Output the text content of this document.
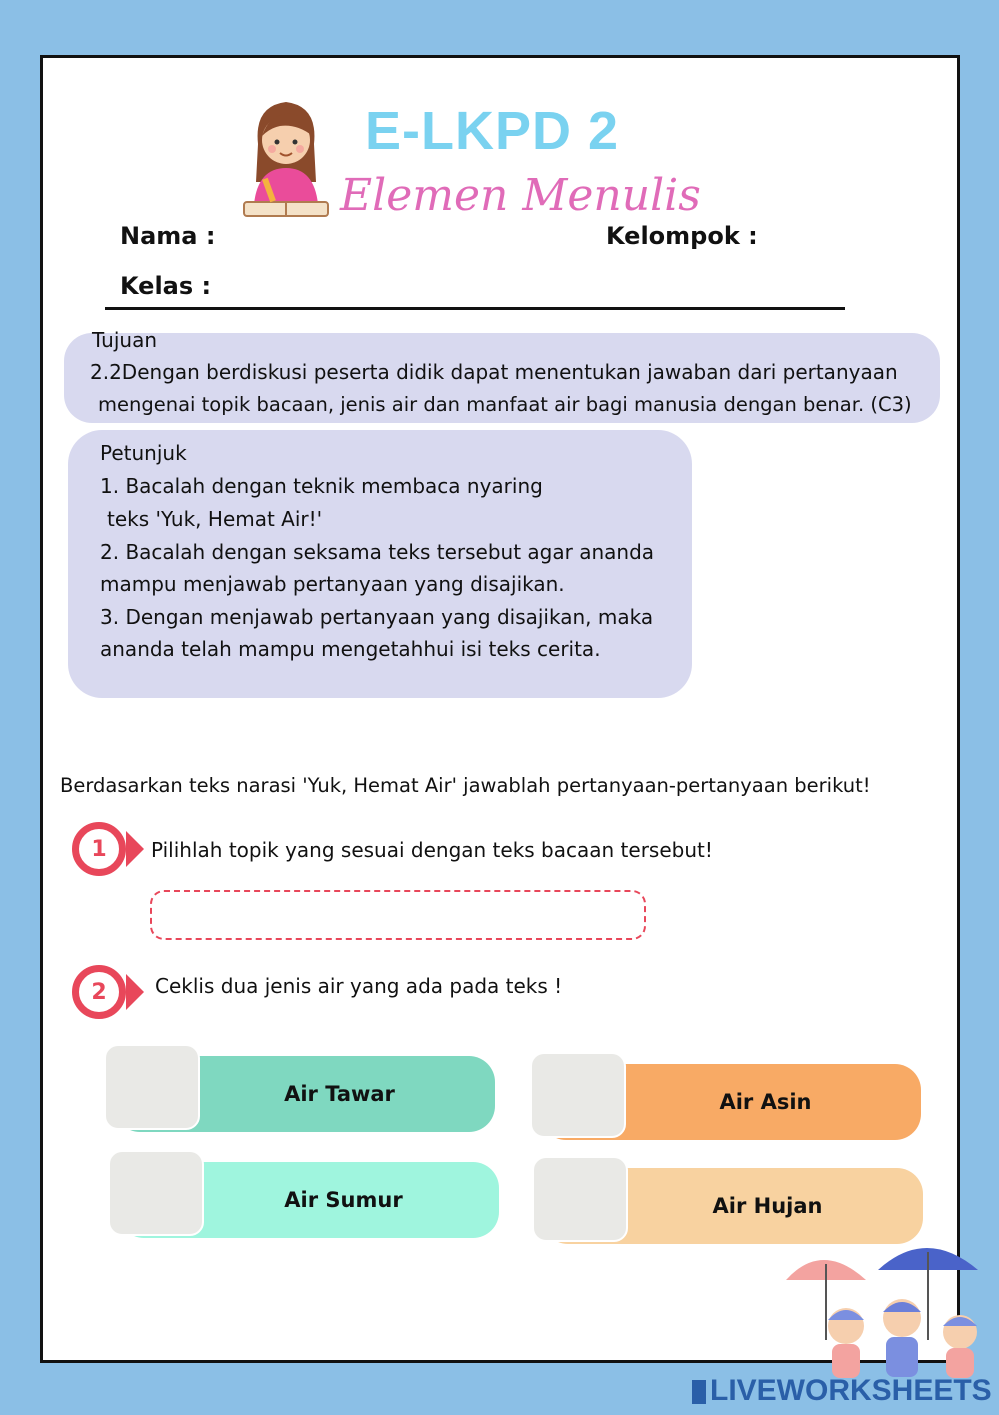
E-LKPD 2
Elemen Menulis
Nama :	Kelompok :
Kelas :
Tujuan
2.2Dengan berdiskusi peserta didik dapat menentukan jawaban dari pertanyaan
mengenai topik bacaan, jenis air dan manfaat air bagi manusia dengan benar. (C3)
Petunjuk
1. Bacalah dengan teknik membaca nyaring
teks 'Yuk, Hemat Air!'
2. Bacalah dengan seksama teks tersebut agar ananda
mampu menjawab pertanyaan yang disajikan.
3. Dengan menjawab pertanyaan yang disajikan, maka
ananda telah mampu mengetahhui isi teks cerita.
Berdasarkan teks narasi 'Yuk, Hemat Air' jawablah pertanyaan-pertanyaan berikut!
1	Pilihlah topik yang sesuai dengan teks bacaan tersebut!
2	Ceklis dua jenis air yang ada pada teks !
Air Tawar	Air Asin
Air Sumur	Air Hujan
LIVEWORKSHEETS
